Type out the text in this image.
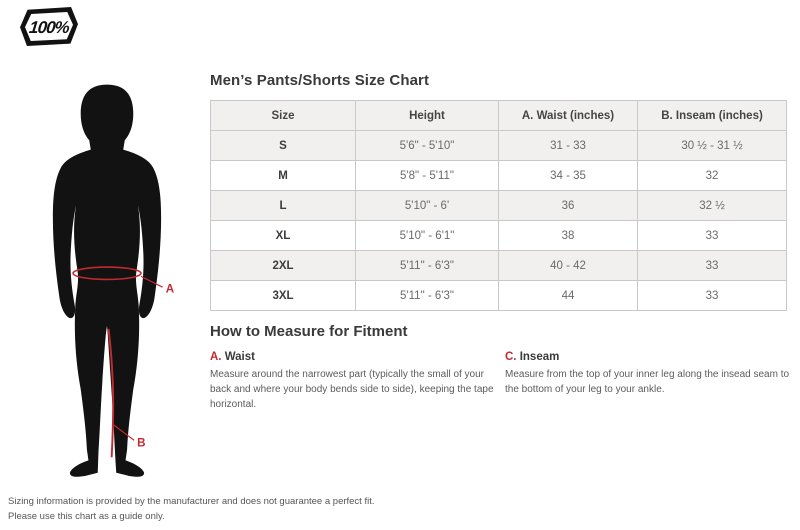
100%
A
B
Men’s Pants/Shorts Size Chart
Size	Height	A. Waist (inches)	B. Inseam (inches)
S	5'6" - 5'10"	31 - 33	30 ½ - 31 ½
M	5'8" - 5'11"	34 - 35	32
L	5'10" - 6'	36	32 ½
XL	5'10" - 6'1"	38	33
2XL	5'11" - 6'3"	40 - 42	33
3XL	5'11" - 6'3"	44	33
How to Measure for Fitment
A. Waist
Measure around the narrowest part (typically the small of your back and where your body bends side to side), keeping the tape horizontal.
C. Inseam
Measure from the top of your inner leg along the insead seam to the bottom of your leg to your ankle.
Sizing information is provided by the manufacturer and does not guarantee a perfect fit.
Please use this chart as a guide only.
